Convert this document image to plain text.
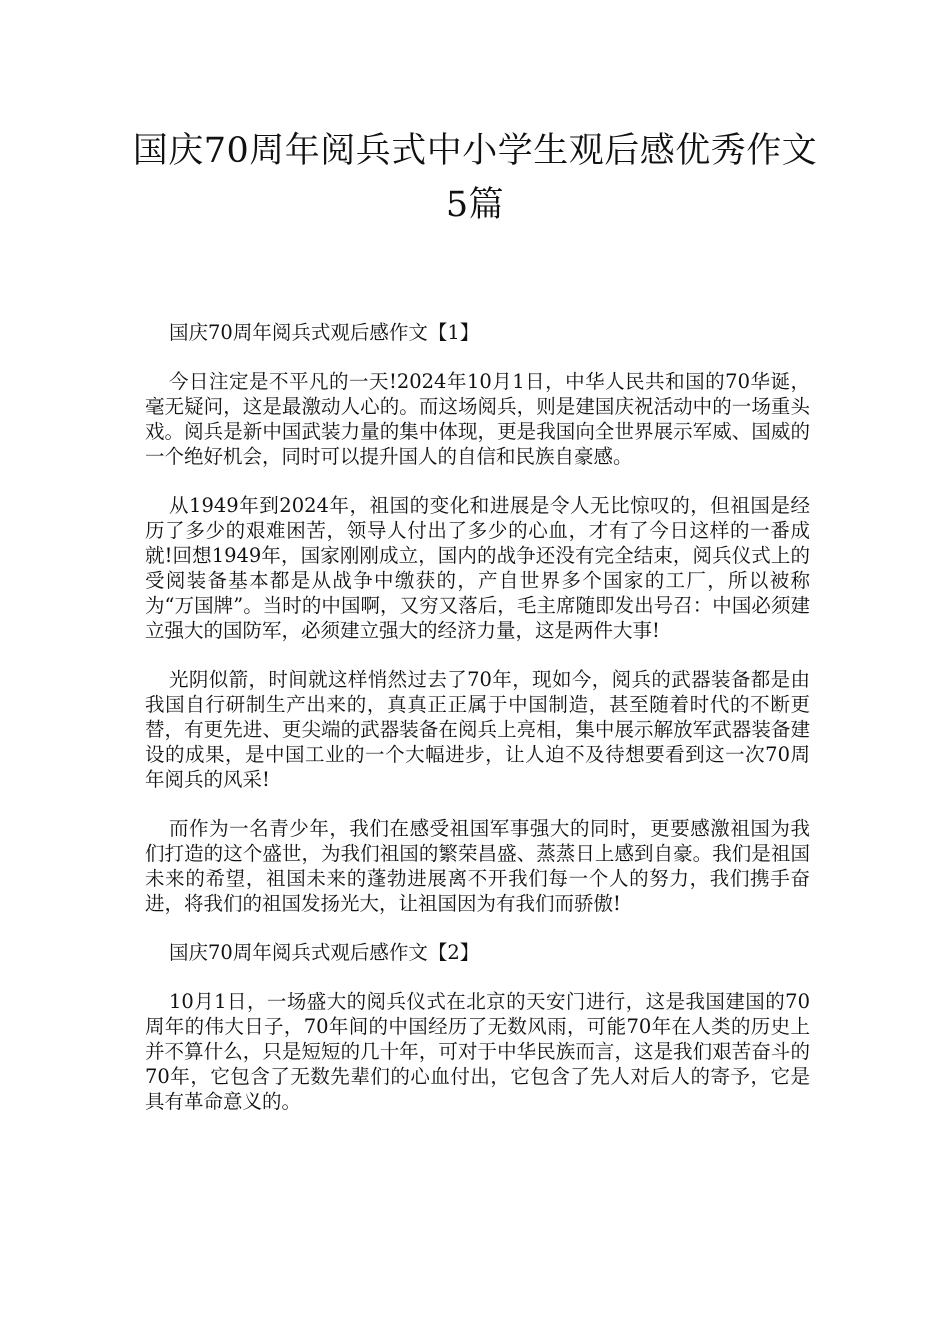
国庆70周年阅兵式中小学生观后感优秀作文5篇

国庆70周年阅兵式观后感作文【1】

今日注定是不平凡的一天!2024年10月1日，中华人民共和国的70华诞，毫无疑问，这是最激动人心的。而这场阅兵，则是建国庆祝活动中的一场重头戏。阅兵是新中国武装力量的集中体现，更是我国向全世界展示军威、国威的一个绝好机会，同时可以提升国人的自信和民族自豪感。

从1949年到2024年，祖国的变化和进展是令人无比惊叹的，但祖国是经历了多少的艰难困苦，领导人付出了多少的心血，才有了今日这样的一番成就!回想1949年，国家刚刚成立，国内的战争还没有完全结束，阅兵仪式上的受阅装备基本都是从战争中缴获的，产自世界多个国家的工厂，所以被称为“万国牌”。当时的中国啊，又穷又落后，毛主席随即发出号召：中国必须建立强大的国防军，必须建立强大的经济力量，这是两件大事!

光阴似箭，时间就这样悄然过去了70年，现如今，阅兵的武器装备都是由我国自行研制生产出来的，真真正正属于中国制造，甚至随着时代的不断更替，有更先进、更尖端的武器装备在阅兵上亮相，集中展示解放军武器装备建设的成果，是中国工业的一个大幅进步，让人迫不及待想要看到这一次70周年阅兵的风采!

而作为一名青少年，我们在感受祖国军事强大的同时，更要感激祖国为我们打造的这个盛世，为我们祖国的繁荣昌盛、蒸蒸日上感到自豪。我们是祖国未来的希望，祖国未来的蓬勃进展离不开我们每一个人的努力，我们携手奋进，将我们的祖国发扬光大，让祖国因为有我们而骄傲!

国庆70周年阅兵式观后感作文【2】

10月1日，一场盛大的阅兵仪式在北京的天安门进行，这是我国建国的70周年的伟大日子，70年间的中国经历了无数风雨，可能70年在人类的历史上并不算什么，只是短短的几十年，可对于中华民族而言，这是我们艰苦奋斗的70年，它包含了无数先辈们的心血付出，它包含了先人对后人的寄予，它是具有革命意义的。
